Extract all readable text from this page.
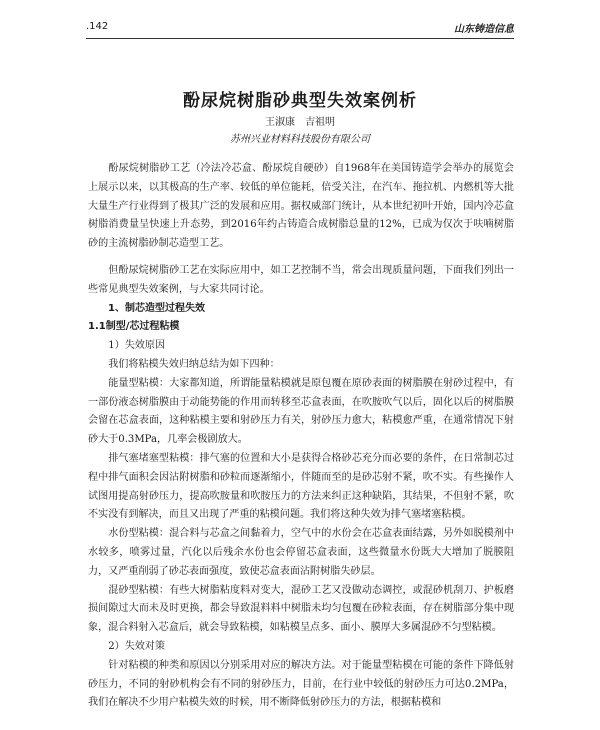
.142	山东铸造信息
酚尿烷树脂砂典型失效案例析
王淑康　吉祖明
苏州兴业材料科技股份有限公司

酚尿烷树脂砂工艺（冷法冷芯盒、酚尿烷自硬砂）自1968年在美国铸造学会举办的展览会上展示以来，以其极高的生产率、较低的单位能耗，倍受关注，在汽车、拖拉机、内燃机等大批大量生产行业得到了极其广泛的发展和应用。据权威部门统计，从本世纪初叶开始，国内冷芯盒树脂消费量呈快速上升态势，到2016年约占铸造合成树脂总量的12%，已成为仅次于呋喃树脂砂的主流树脂砂制芯造型工艺。

但酚尿烷树脂砂工艺在实际应用中，如工艺控制不当，常会出现质量问题，下面我们列出一些常见典型失效案例，与大家共同讨论。

1、制芯造型过程失效

1.1制型/芯过程粘模

1）失效原因

我们将粘模失效归纳总结为如下四种：

能量型粘模：大家都知道，所谓能量粘模就是原包覆在原砂表面的树脂膜在射砂过程中，有一部份液态树脂膜由于动能势能的作用而转移至芯盒表面，在吹胺吹气以后，固化以后的树脂膜会留在芯盒表面，这种粘模主要和射砂压力有关，射砂压力愈大，粘模愈严重，在通常情况下射砂大于0.3MPa，几率会极剧放大。

排气塞堵塞型粘模：排气塞的位置和大小是获得合格砂芯充分而必要的条件，在日常制芯过程中排气面积会因沾附树脂和砂粒而逐渐缩小，伴随而至的是砂芯射不紧，吹不实。有些操作人试图用提高射砂压力，提高吹胺量和吹胺压力的方法来纠正这种缺陷，其结果，不但射不紧，吹不实没有到解决，而且又出现了严重的粘模问题。我们将这种失效为排气塞堵塞粘模。

水份型粘模：混合料与芯盒之间黏着力，空气中的水份会在芯盒表面结露，另外如脱模剂中水较多，喷雾过量，汽化以后残余水份也会停留芯盒表面，这些微量水份既大大增加了脱膜阻力，又严重削弱了砂芯表面强度，致使芯盒表面沾附树脂失砂层。

混砂型粘模：有些大树脂粘度料对变大，混砂工艺又没做动态调控，或混砂机刮刀、护板磨损间隙过大而未及时更换，都会导致混料料中树脂未均匀包覆在砂粒表面，存在树脂部分集中现象，混合料射入芯盒后，就会导致粘模，如粘模呈点多、面小、膜厚大多属混砂不匀型粘模。

2）失效对策

针对粘模的种类和原因以分别采用对应的解决方法。对于能量型粘模在可能的条件下降低射砂压力，不同的射砂机构会有不同的射砂压力，目前，在行业中较低的射砂压力可达0.2MPa，我们在解决不少用户粘模失效的时候，用不断降低射砂压力的方法，根据粘模和
